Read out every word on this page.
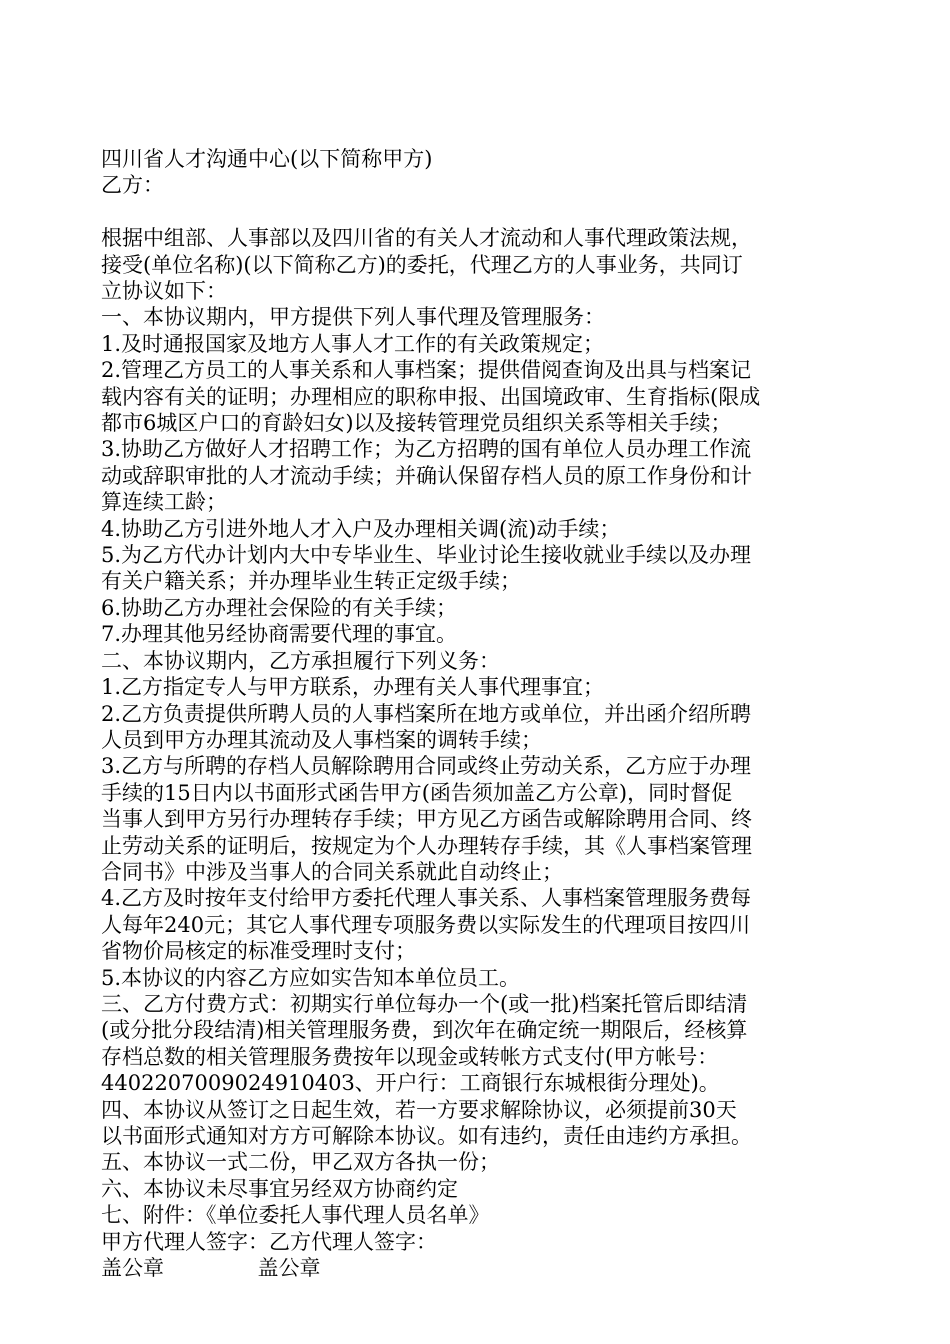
四川省人才沟通中心(以下简称甲方)
乙方：
根据中组部、人事部以及四川省的有关人才流动和人事代理政策法规，
接受(单位名称)(以下简称乙方)的委托，代理乙方的人事业务，共同订
立协议如下：
一、本协议期内，甲方提供下列人事代理及管理服务：
1.及时通报国家及地方人事人才工作的有关政策规定；
2.管理乙方员工的人事关系和人事档案；提供借阅查询及出具与档案记
载内容有关的证明；办理相应的职称申报、出国境政审、生育指标(限成
都市6城区户口的育龄妇女)以及接转管理党员组织关系等相关手续；
3.协助乙方做好人才招聘工作；为乙方招聘的国有单位人员办理工作流
动或辞职审批的人才流动手续；并确认保留存档人员的原工作身份和计
算连续工龄；
4.协助乙方引进外地人才入户及办理相关调(流)动手续；
5.为乙方代办计划内大中专毕业生、毕业讨论生接收就业手续以及办理
有关户籍关系；并办理毕业生转正定级手续；
6.协助乙方办理社会保险的有关手续；
7.办理其他另经协商需要代理的事宜。
二、本协议期内，乙方承担履行下列义务：
1.乙方指定专人与甲方联系，办理有关人事代理事宜；
2.乙方负责提供所聘人员的人事档案所在地方或单位，并出函介绍所聘
人员到甲方办理其流动及人事档案的调转手续；
3.乙方与所聘的存档人员解除聘用合同或终止劳动关系，乙方应于办理
手续的15日内以书面形式函告甲方(函告须加盖乙方公章)，同时督促
当事人到甲方另行办理转存手续；甲方见乙方函告或解除聘用合同、终
止劳动关系的证明后，按规定为个人办理转存手续，其《人事档案管理
合同书》中涉及当事人的合同关系就此自动终止；
4.乙方及时按年支付给甲方委托代理人事关系、人事档案管理服务费每
人每年240元；其它人事代理专项服务费以实际发生的代理项目按四川
省物价局核定的标准受理时支付；
5.本协议的内容乙方应如实告知本单位员工。
三、乙方付费方式：初期实行单位每办一个(或一批)档案托管后即结清
(或分批分段结清)相关管理服务费，到次年在确定统一期限后，经核算
存档总数的相关管理服务费按年以现金或转帐方式支付(甲方帐号：
440220700902491040З、开户行：工商银行东城根街分理处)。
四、本协议从签订之日起生效，若一方要求解除协议，必须提前30天
以书面形式通知对方方可解除本协议。如有违约，责任由违约方承担。
五、本协议一式二份，甲乙双方各执一份；
六、本协议未尽事宜另经双方协商约定
七、附件：《单位委托人事代理人员名单》
甲方代理人签字：乙方代理人签字：
盖公章              盖公章
